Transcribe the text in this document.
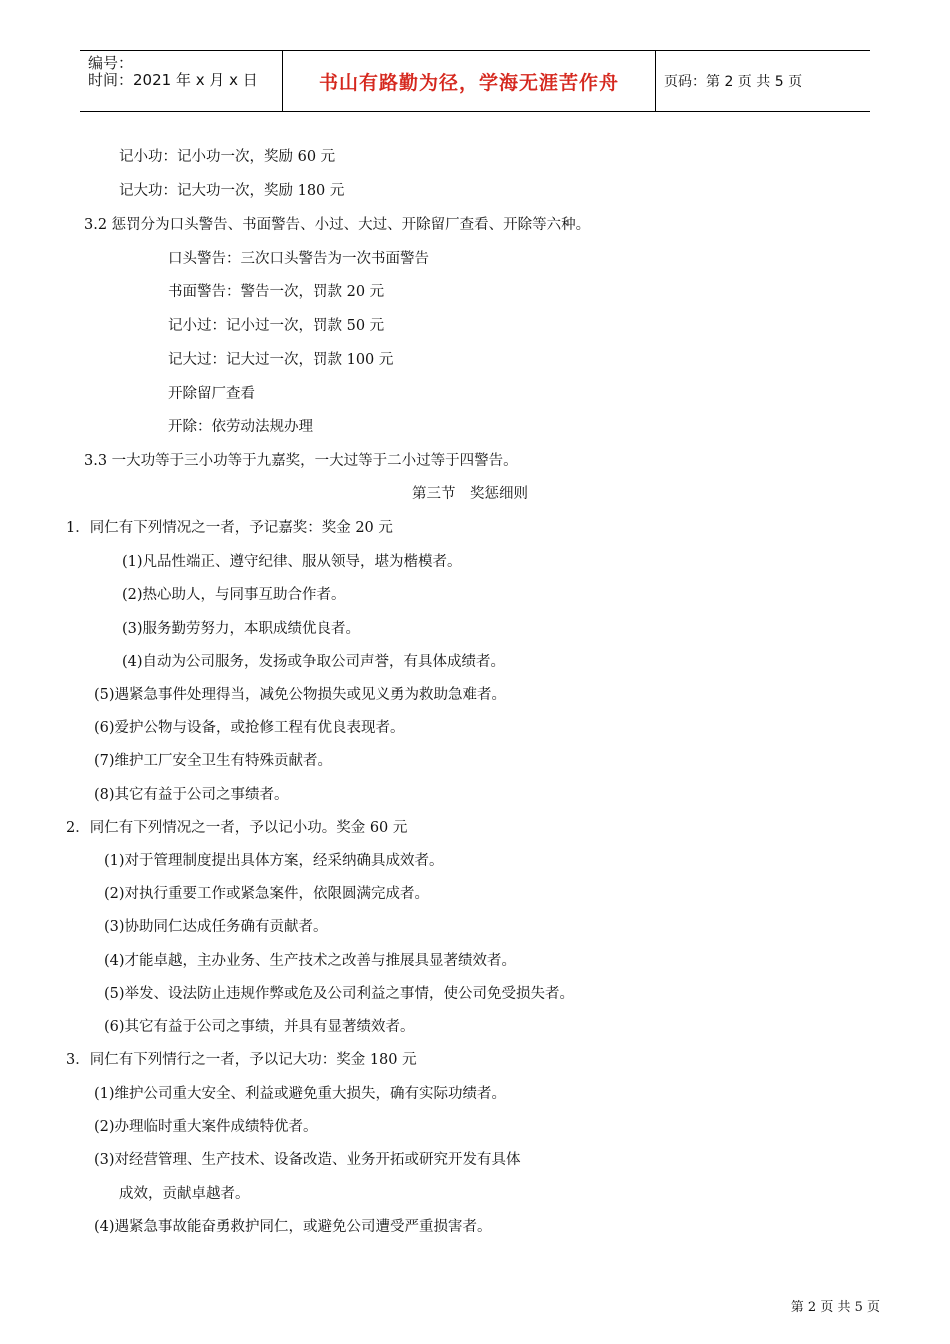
编号：
时间：2021 年 x 月 x 日	书山有路勤为径，学海无涯苦作舟	页码：第 2 页 共 5 页
记小功：记小功一次，奖励 60 元
记大功：记大功一次，奖励 180 元
3.2 惩罚分为口头警告、书面警告、小过、大过、开除留厂查看、开除等六种。
口头警告：三次口头警告为一次书面警告
书面警告：警告一次，罚款 20 元
记小过：记小过一次，罚款 50 元
记大过：记大过一次，罚款 100 元
开除留厂查看
开除：依劳动法规办理
3.3 一大功等于三小功等于九嘉奖，一大过等于二小过等于四警告。
第三节　奖惩细则
1．同仁有下列情况之一者，予记嘉奖：奖金 20 元
(1)凡品性端正、遵守纪律、服从领导，堪为楷模者。
(2)热心助人，与同事互助合作者。
(3)服务勤劳努力，本职成绩优良者。
(4)自动为公司服务，发扬或争取公司声誉，有具体成绩者。
(5)遇紧急事件处理得当，减免公物损失或见义勇为救助急难者。
(6)爱护公物与设备，或抢修工程有优良表现者。
(7)维护工厂安全卫生有特殊贡献者。
(8)其它有益于公司之事绩者。
2．同仁有下列情况之一者，予以记小功。奖金 60 元
(1)对于管理制度提出具体方案，经采纳确具成效者。
(2)对执行重要工作或紧急案件，依限圆满完成者。
(3)协助同仁达成任务确有贡献者。
(4)才能卓越，主办业务、生产技术之改善与推展具显著绩效者。
(5)举发、设法防止违规作弊或危及公司利益之事情，使公司免受损失者。
(6)其它有益于公司之事绩，并具有显著绩效者。
3．同仁有下列情行之一者，予以记大功：奖金 180 元
(1)维护公司重大安全、利益或避免重大损失，确有实际功绩者。
(2)办理临时重大案件成绩特优者。
(3)对经营管理、生产技术、设备改造、业务开拓或研究开发有具体
成效，贡献卓越者。
(4)遇紧急事故能奋勇救护同仁，或避免公司遭受严重损害者。
第 2 页 共 5 页
